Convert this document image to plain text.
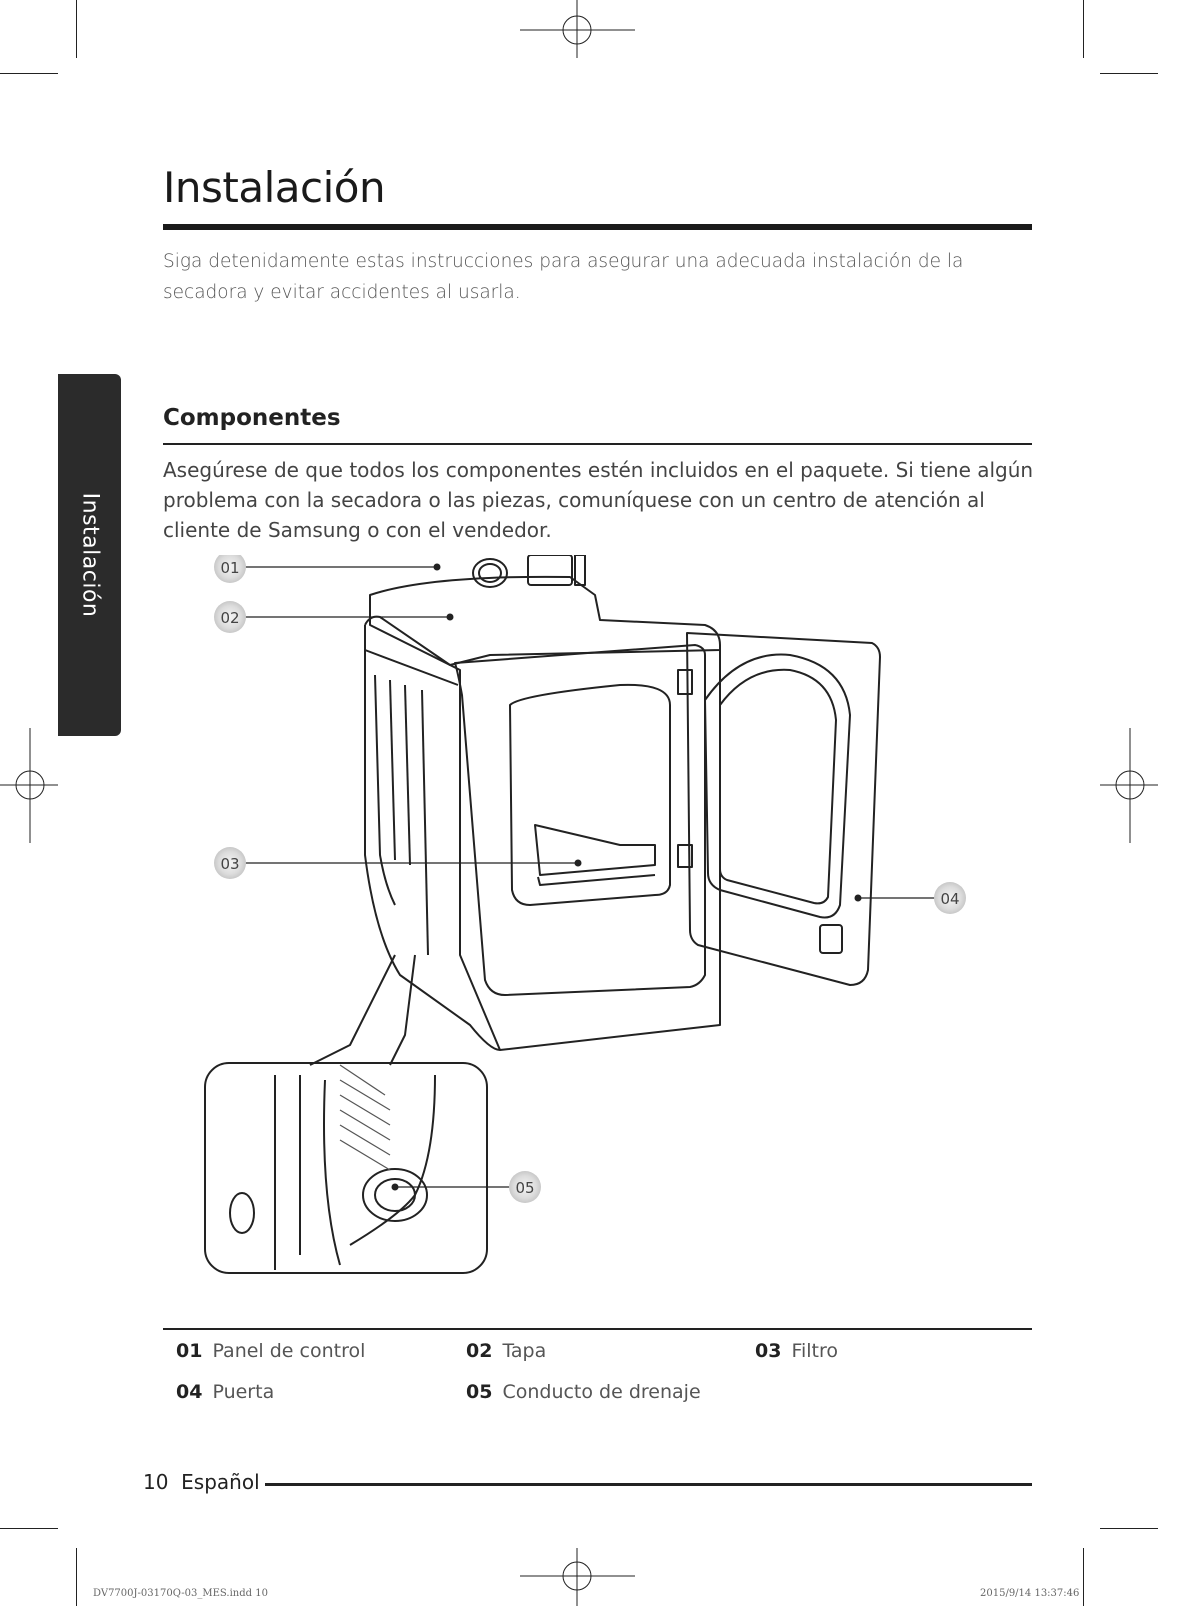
Instalación
Instalación

Siga detenidamente estas instrucciones para asegurar una adecuada instalación de la secadora y evitar accidentes al usarla.

Componentes

Asegúrese de que todos los componentes estén incluidos en el paquete. Si tiene algún problema con la secadora o las piezas, comuníquese con un centro de atención al cliente de Samsung o con el vendedor.

01
02
03
04
05
01 Panel de control	02 Tapa	03 Filtro
04 Puerta	05 Conducto de drenaje
10 Español
DV7700J-03170Q-03_MES.indd 10	2015/9/14 13:37:46
